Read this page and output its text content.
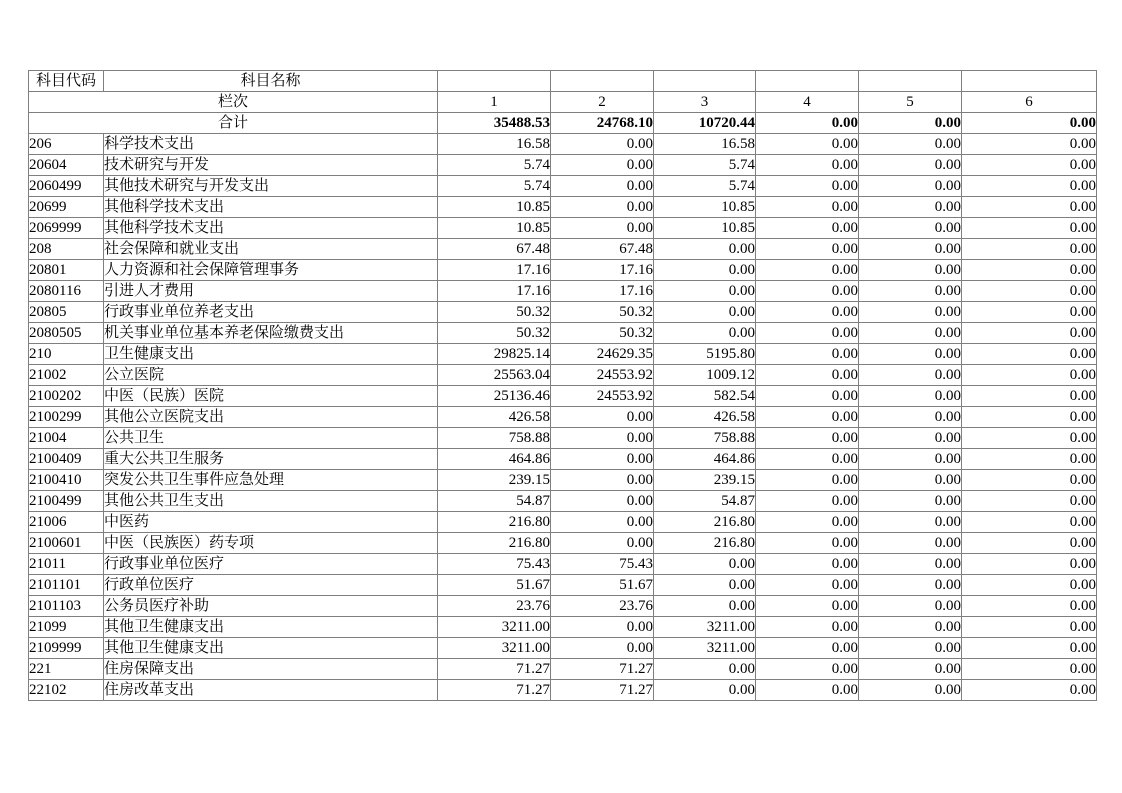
科目代码	科目名称						
栏次		1	2	3	4	5	6
合计		35488.53	24768.10	10720.44	0.00	0.00	0.00
206	科学技术支出	16.58	0.00	16.58	0.00	0.00	0.00
20604	技术研究与开发	5.74	0.00	5.74	0.00	0.00	0.00
2060499	其他技术研究与开发支出	5.74	0.00	5.74	0.00	0.00	0.00
20699	其他科学技术支出	10.85	0.00	10.85	0.00	0.00	0.00
2069999	其他科学技术支出	10.85	0.00	10.85	0.00	0.00	0.00
208	社会保障和就业支出	67.48	67.48	0.00	0.00	0.00	0.00
20801	人力资源和社会保障管理事务	17.16	17.16	0.00	0.00	0.00	0.00
2080116	引进人才费用	17.16	17.16	0.00	0.00	0.00	0.00
20805	行政事业单位养老支出	50.32	50.32	0.00	0.00	0.00	0.00
2080505	机关事业单位基本养老保险缴费支出	50.32	50.32	0.00	0.00	0.00	0.00
210	卫生健康支出	29825.14	24629.35	5195.80	0.00	0.00	0.00
21002	公立医院	25563.04	24553.92	1009.12	0.00	0.00	0.00
2100202	中医（民族）医院	25136.46	24553.92	582.54	0.00	0.00	0.00
2100299	其他公立医院支出	426.58	0.00	426.58	0.00	0.00	0.00
21004	公共卫生	758.88	0.00	758.88	0.00	0.00	0.00
2100409	重大公共卫生服务	464.86	0.00	464.86	0.00	0.00	0.00
2100410	突发公共卫生事件应急处理	239.15	0.00	239.15	0.00	0.00	0.00
2100499	其他公共卫生支出	54.87	0.00	54.87	0.00	0.00	0.00
21006	中医药	216.80	0.00	216.80	0.00	0.00	0.00
2100601	中医（民族医）药专项	216.80	0.00	216.80	0.00	0.00	0.00
21011	行政事业单位医疗	75.43	75.43	0.00	0.00	0.00	0.00
2101101	行政单位医疗	51.67	51.67	0.00	0.00	0.00	0.00
2101103	公务员医疗补助	23.76	23.76	0.00	0.00	0.00	0.00
21099	其他卫生健康支出	3211.00	0.00	3211.00	0.00	0.00	0.00
2109999	其他卫生健康支出	3211.00	0.00	3211.00	0.00	0.00	0.00
221	住房保障支出	71.27	71.27	0.00	0.00	0.00	0.00
22102	住房改革支出	71.27	71.27	0.00	0.00	0.00	0.00
